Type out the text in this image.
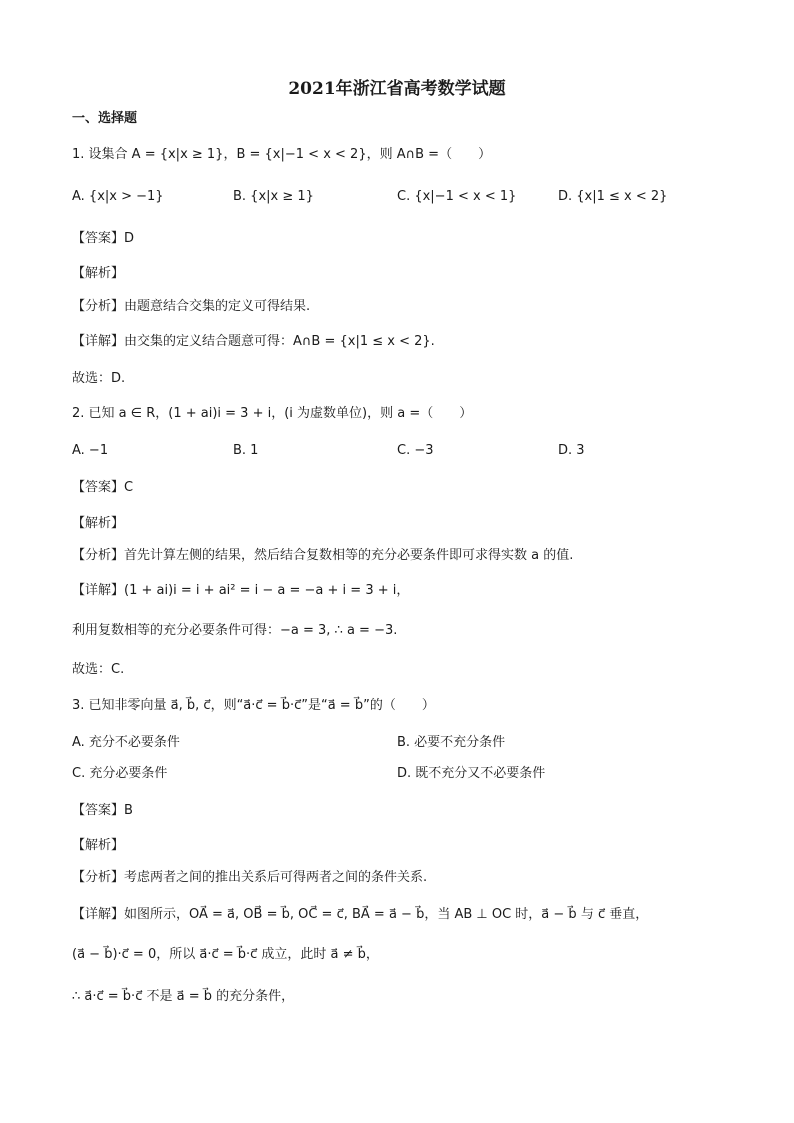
2021年浙江省高考数学试题
一、选择题
1. 设集合 A = {x|x ≥ 1}，B = {x|−1 < x < 2}，则 A∩B =（　　）
A. {x|x > −1}	B. {x|x ≥ 1}	C. {x|−1 < x < 1}	D. {x|1 ≤ x < 2}
【答案】D
【解析】
【分析】由题意结合交集的定义可得结果.
【详解】由交集的定义结合题意可得：A∩B = {x|1 ≤ x < 2}.
故选：D.
2. 已知 a ∈ R，(1 + ai)i = 3 + i，(i 为虚数单位)，则 a =（　　）
A. −1	B. 1	C. −3	D. 3
【答案】C
【解析】
【分析】首先计算左侧的结果，然后结合复数相等的充分必要条件即可求得实数 a 的值.
【详解】(1 + ai)i = i + ai² = i − a = −a + i = 3 + i，
利用复数相等的充分必要条件可得：−a = 3, ∴ a = −3.
故选：C.
3. 已知非零向量 a⃗, b⃗, c⃗，则“a⃗·c⃗ = b⃗·c⃗”是“a⃗ = b⃗”的（　　）
A. 充分不必要条件	B. 必要不充分条件
C. 充分必要条件	D. 既不充分又不必要条件
【答案】B
【解析】
【分析】考虑两者之间的推出关系后可得两者之间的条件关系.
【详解】如图所示，OA⃗ = a⃗, OB⃗ = b⃗, OC⃗ = c⃗, BA⃗ = a⃗ − b⃗，当 AB ⊥ OC 时，a⃗ − b⃗ 与 c⃗ 垂直，
(a⃗ − b⃗)·c⃗ = 0，所以 a⃗·c⃗ = b⃗·c⃗ 成立，此时 a⃗ ≠ b⃗，
∴ a⃗·c⃗ = b⃗·c⃗ 不是 a⃗ = b⃗ 的充分条件，
